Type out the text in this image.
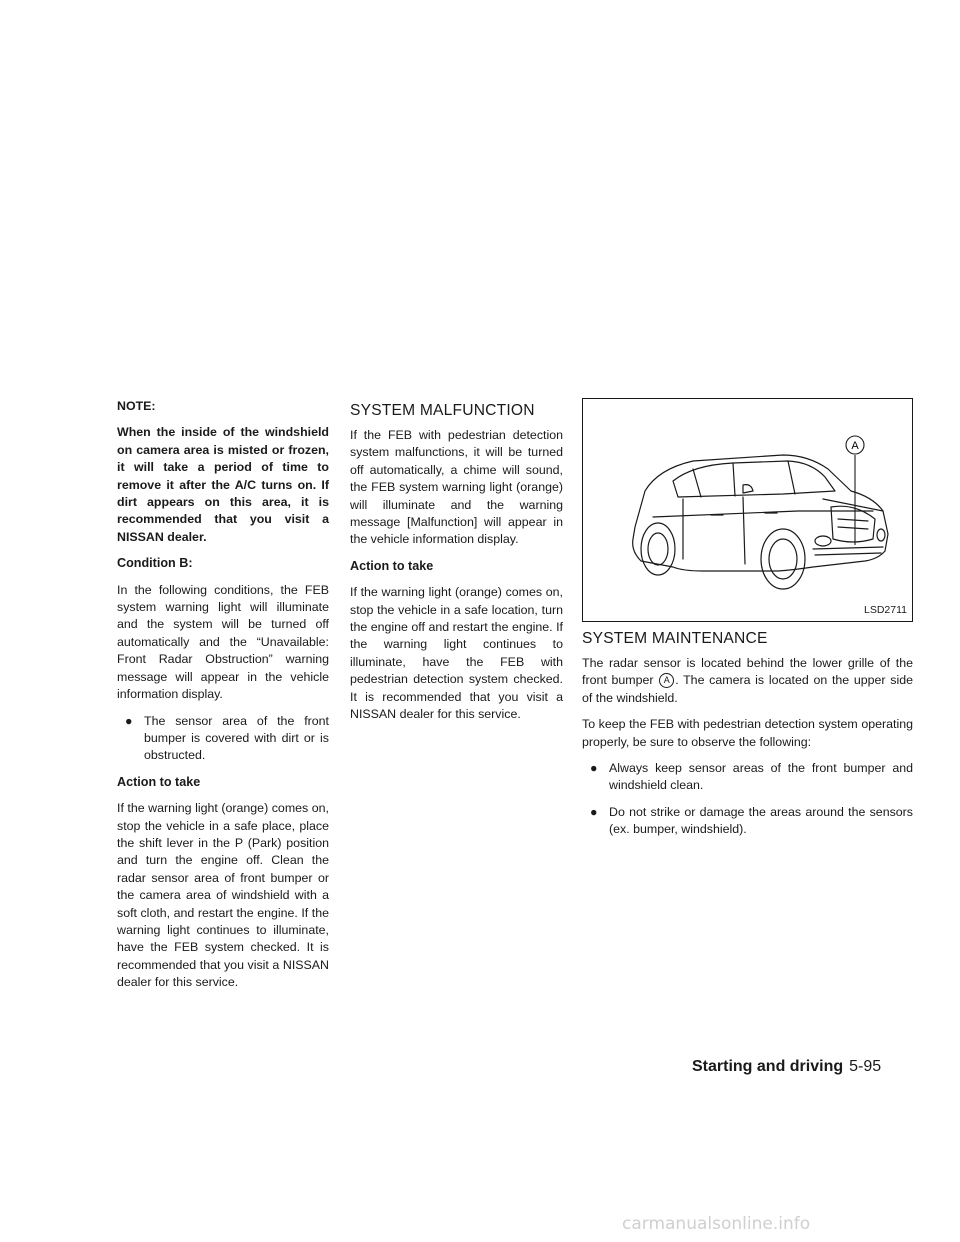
NOTE:

When the inside of the windshield on camera area is misted or frozen, it will take a period of time to remove it after the A/C turns on. If dirt appears on this area, it is recommended that you visit a NISSAN dealer.

Condition B:

In the following conditions, the FEB system warning light will illuminate and the system will be turned off automatically and the “Unavailable: Front Radar Obstruction” warning message will appear in the vehicle information display.

● The sensor area of the front bumper is covered with dirt or is obstructed.

Action to take

If the warning light (orange) comes on, stop the vehicle in a safe place, place the shift lever in the P (Park) position and turn the engine off. Clean the radar sensor area of front bumper or the camera area of windshield with a soft cloth, and restart the engine. If the warning light continues to illuminate, have the FEB system checked. It is recommended that you visit a NISSAN dealer for this service.

SYSTEM MALFUNCTION

If the FEB with pedestrian detection system malfunctions, it will be turned off automatically, a chime will sound, the FEB system warning light (orange) will illuminate and the warning message [Malfunction] will appear in the vehicle information display.

Action to take

If the warning light (orange) comes on, stop the vehicle in a safe location, turn the engine off and restart the engine. If the warning light continues to illuminate, have the FEB with pedestrian detection system checked. It is recommended that you visit a NISSAN dealer for this service.

A
LSD2711
SYSTEM MAINTENANCE

The radar sensor is located behind the lower grille of the front bumper A . The camera is located on the upper side of the windshield.

To keep the FEB with pedestrian detection system operating properly, be sure to observe the following:

● Always keep sensor areas of the front bumper and windshield clean.
● Do not strike or damage the areas around the sensors (ex. bumper, windshield).
Starting and driving 5-95
carmanualsonline.info
